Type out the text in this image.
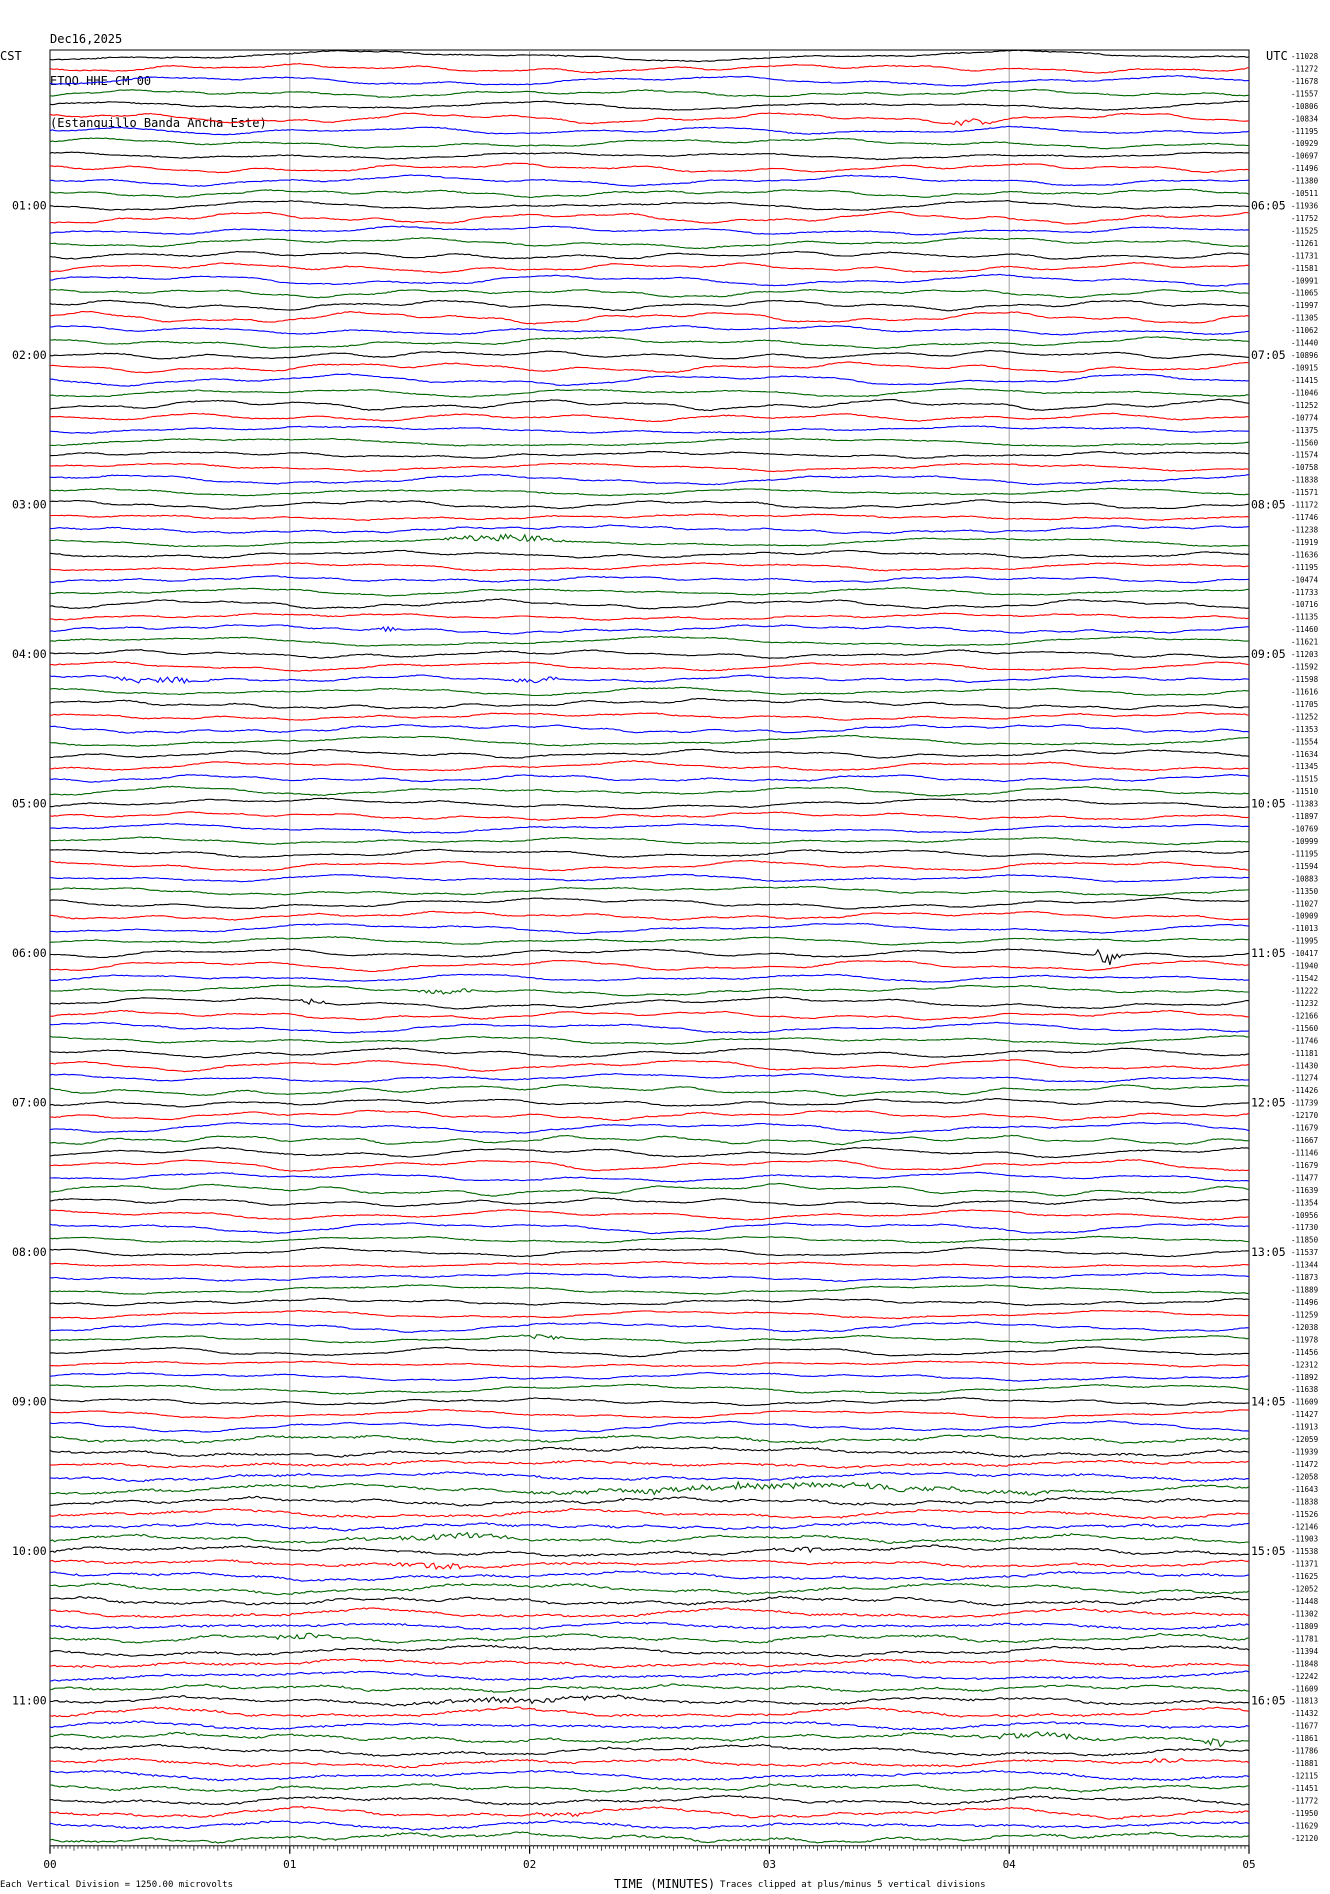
Dec16,2025

ETQO HHE CM 00

(Estanquillo Banda Ancha Este)

CST	UTC -11028
-11272
-11678
-11557
-10806
-10834
-11195
-10929
-10697
-11496
-11380
-10511
-11936
-11752
-11525
-11261
-11731
-11581
-10991
-11065
-11997
-11305
-11062
-11440
-10896
-10915
-11415
-11046
-11252
-10774
-11375
-11560
-11574
-10758
-11838
-11571
-11172
-11746
-11238
-11919
-11636
-11195
-10474
-11733
-10716
-11135
-11460
-11621
-11203
-11592
-11598
-11616
-11705
-11252
-11353
-11554
-11634
-11345
-11515
-11510
-11383
-11897
-10769
-10999
-11195
-11594
-10883
-11350
-11027
-10909
-11013
-11995
-10417
-11940
-11542
-11222
-11232
-12166
-11560
-11746
-11181
-11430
-11274
-11426
-11739
-12170
-11679
-11667
-11146
-11679
-11477
-11639
-11354
-10956
-11730
-11850
-11537
-11344
-11873
-11889
-11496
-11259
-12038
-11978
-11456
-12312
-11892
-11638
-11609
-11427
-11913
-12059
-11939
-11472
-12058
-11643
-11838
-11526
-12146
-11903
-11538
-11371
-11625
-12052
-11448
-11302
-11809
-11781
-11394
-11848
-12242
-11609
-11813
-11432
-11677
-11861
-11786
-11881
-12115
-11451
-11772
-11950
-11629
-12120
01:00
02:00
03:00
04:00
05:00
06:00
07:00
08:00
09:00
10:00
11:00
06:05
07:05
08:05
09:05
10:05
11:05
12:05
13:05
14:05
15:05
16:05
00	01	02	03	04	05
Each Vertical Division = 1250.00 microvolts	TIME (MINUTES) Traces clipped at plus/minus 5 vertical divisions
